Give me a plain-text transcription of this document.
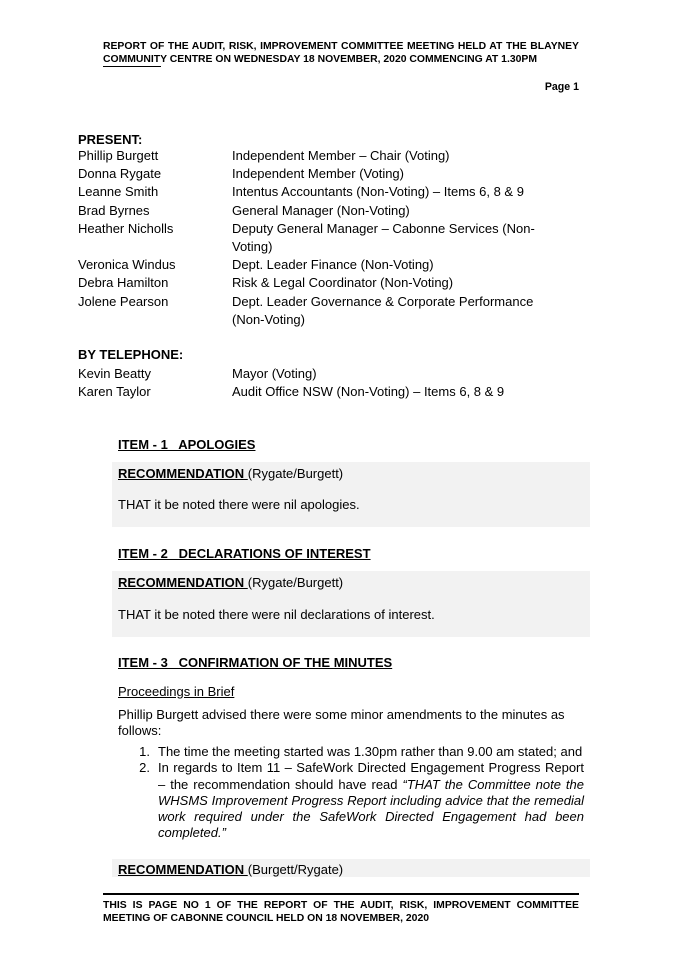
REPORT OF THE AUDIT, RISK, IMPROVEMENT COMMITTEE MEETING HELD AT THE BLAYNEY COMMUNITY CENTRE ON WEDNESDAY 18 NOVEMBER, 2020 COMMENCING AT 1.30PM
Page 1
PRESENT:
Phillip Burgett	Independent Member – Chair (Voting)
Donna Rygate	Independent Member (Voting)
Leanne Smith	Intentus Accountants (Non-Voting) – Items 6, 8 & 9
Brad Byrnes	General Manager (Non-Voting)
Heather Nicholls	Deputy General Manager – Cabonne Services (Non-Voting)
Veronica Windus	Dept. Leader Finance (Non-Voting)
Debra Hamilton	Risk & Legal Coordinator (Non-Voting)
Jolene Pearson	Dept. Leader Governance & Corporate Performance (Non-Voting)
BY TELEPHONE:
Kevin Beatty	Mayor (Voting)
Karen Taylor	Audit Office NSW (Non-Voting) – Items 6, 8 & 9
ITEM - 1   APOLOGIES
RECOMMENDATION (Rygate/Burgett)
THAT it be noted there were nil apologies.
ITEM - 2   DECLARATIONS OF INTEREST
RECOMMENDATION (Rygate/Burgett)
THAT it be noted there were nil declarations of interest.
ITEM - 3   CONFIRMATION OF THE MINUTES
Proceedings in Brief
Phillip Burgett advised there were some minor amendments to the minutes as follows:
1. The time the meeting started was 1.30pm rather than 9.00 am stated; and
2. In regards to Item 11 – SafeWork Directed Engagement Progress Report – the recommendation should have read “THAT the Committee note the WHSMS Improvement Progress Report including advice that the remedial work required under the SafeWork Directed Engagement had been completed.”
RECOMMENDATION (Burgett/Rygate)
THIS IS PAGE NO 1 OF THE REPORT OF THE AUDIT, RISK, IMPROVEMENT COMMITTEE MEETING OF CABONNE COUNCIL HELD ON 18 NOVEMBER, 2020
